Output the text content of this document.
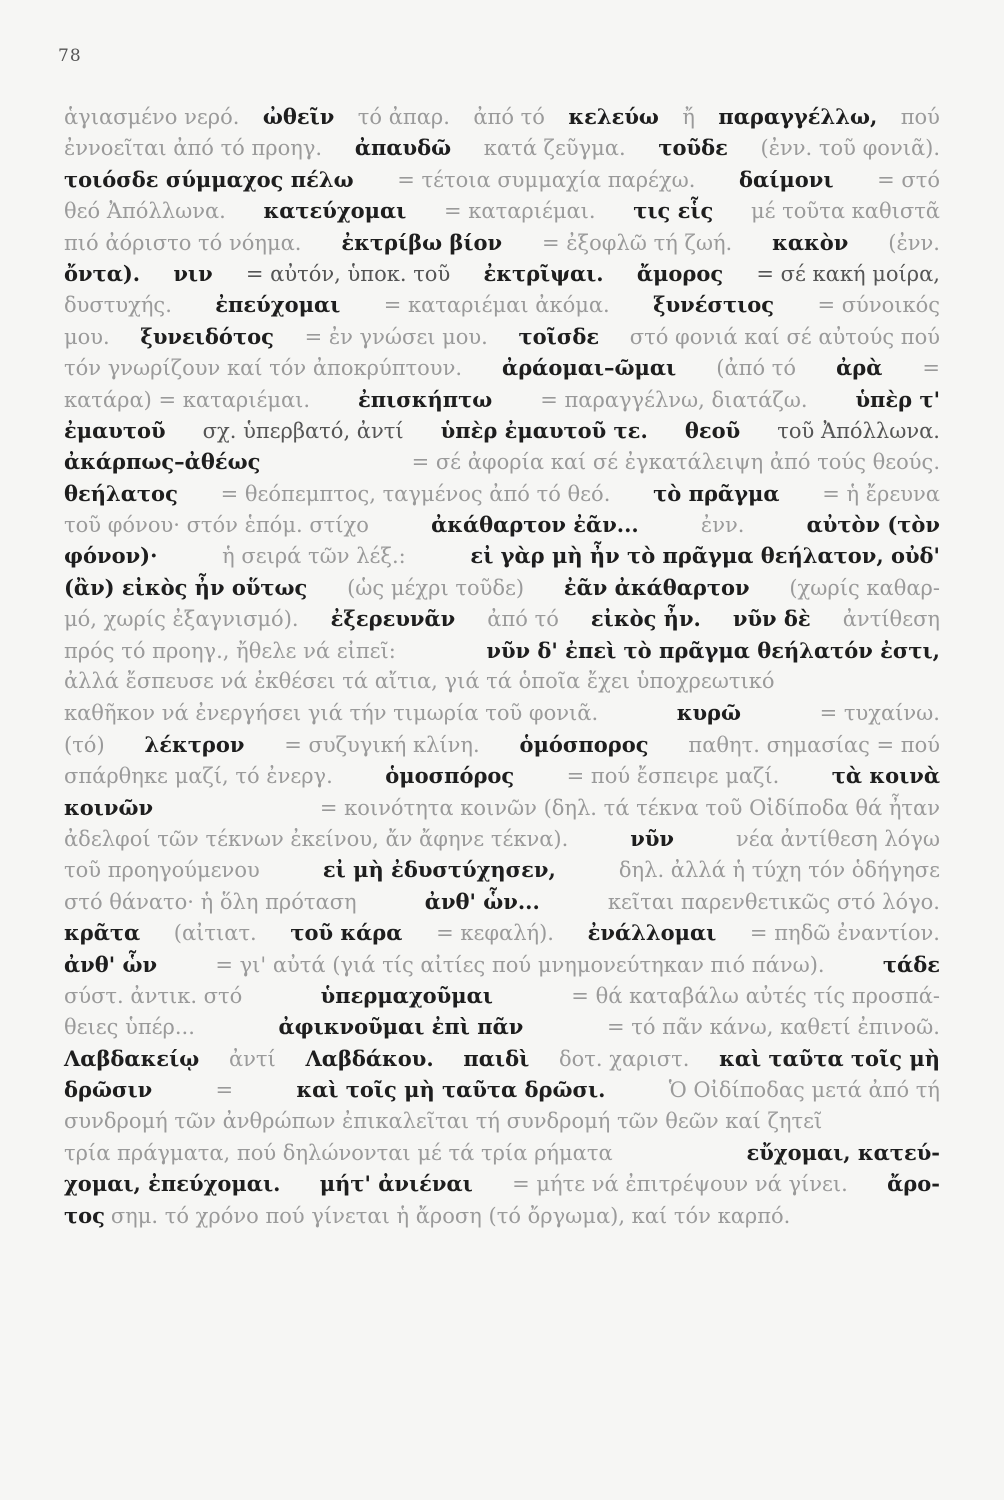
78
ἁγιασμένο νερό. ὠθεῖν τό ἀπαρ. ἀπό τό κελεύω ἤ παραγγέλλω, πού
ἐννοεῖται ἀπό τό προηγ. ἀπαυδῶ κατά ζεῦγμα. τοῦδε (ἐνν. τοῦ φονιᾶ).
τοιόσδε σύμμαχος πέλω = τέτοια συμμαχία παρέχω. δαίμονι = στό
θεό Ἀπόλλωνα. κατεύχομαι = καταριέμαι. τις εἷς μέ τοῦτα καθιστᾶ
πιό ἀόριστο τό νόημα. ἐκτρίβω βίον = ἐξοφλῶ τή ζωή. κακὸν (ἐνν.
ὄντα). νιν = αὐτόν, ὑποκ. τοῦ ἐκτρῖψαι. ἄμορος = σέ κακή μοίρα,
δυστυχής. ἐπεύχομαι = καταριέμαι ἀκόμα. ξυνέστιος = σύνοικός
μου. ξυνειδότος = ἐν γνώσει μου. τοῖσδε στό φονιά καί σέ αὐτούς πού
τόν γνωρίζουν καί τόν ἀποκρύπτουν. ἀράομαι–ῶμαι (ἀπό τό ἀρὰ =
κατάρα) = καταριέμαι. ἐπισκήπτω = παραγγέλνω, διατάζω. ὑπὲρ τ'
ἐμαυτοῦ σχ. ὑπερβατό, ἀντί ὑπὲρ ἐμαυτοῦ τε. θεοῦ τοῦ Ἀπόλλωνα.
ἀκάρπως–ἀθέως	= σέ ἀφορία καί σέ ἐγκατάλειψη ἀπό τούς θεούς.
θεήλατος = θεόπεμπτος, ταγμένος ἀπό τό θεό. τὸ πρᾶγμα = ἡ ἔρευνα
τοῦ φόνου· στόν ἑπόμ. στίχο	ἀκάθαρτον ἐᾶν...	ἐνν.	αὐτὸν (τὸν
φόνον)·	ἡ σειρά τῶν λέξ.:	εἰ γὰρ μὴ ἦν τὸ πρᾶγμα θεήλατον, οὐδ'
(ἂν) εἰκὸς ἦν οὕτως (ὡς μέχρι τοῦδε) ἐᾶν ἀκάθαρτον (χωρίς καθαρ-
μό, χωρίς ἐξαγνισμό). ἐξερευνᾶν ἀπό τό εἰκὸς ἦν. νῦν δὲ ἀντίθεση
πρός τό προηγ., ἤθελε νά εἰπεῖ:	νῦν δ' ἐπεὶ τὸ πρᾶγμα θεήλατόν ἐστι,
ἀλλά ἔσπευσε νά ἐκθέσει τά αἴτια, γιά τά ὁποῖα ἔχει ὑποχρεωτικό
καθῆκον νά ἐνεργήσει γιά τήν τιμωρία τοῦ φονιᾶ.	κυρῶ	= τυχαίνω.
(τό) λέκτρον = συζυγική κλίνη. ὁμόσπορος παθητ. σημασίας = πού
σπάρθηκε μαζί, τό ἐνεργ. ὁμοσπόρος = πού ἔσπειρε μαζί. τὰ κοινὰ
κοινῶν	= κοινότητα κοινῶν (δηλ. τά τέκνα τοῦ Οἰδίποδα θά ἦταν
ἀδελφοί τῶν τέκνων ἐκείνου, ἄν ἄφηνε τέκνα).	νῦν	νέα ἀντίθεση λόγω
τοῦ προηγούμενου	εἰ μὴ ἐδυστύχησεν,	δηλ. ἀλλά ἡ τύχη τόν ὁδήγησε
στό θάνατο· ἡ ὅλη πρόταση	ἀνθ' ὧν...	κεῖται παρενθετικῶς στό λόγο.
κρᾶτα (αἰτιατ. τοῦ κάρα = κεφαλή). ἐνάλλομαι = πηδῶ ἐναντίον.
ἀνθ' ὧν	= γι' αὐτά (γιά τίς αἰτίες πού μνημονεύτηκαν πιό πάνω).	τάδε
σύστ. ἀντικ. στό	ὑπερμαχοῦμαι	= θά καταβάλω αὐτές τίς προσπά-
θειες ὑπέρ...	ἀφικνοῦμαι ἐπὶ πᾶν	= τό πᾶν κάνω, καθετί ἐπινοῶ.
Λαβδακείῳ ἀντί Λαβδάκου. παιδὶ δοτ. χαριστ. καὶ ταῦτα τοῖς μὴ
δρῶσιν	=	καὶ τοῖς μὴ ταῦτα δρῶσι.	Ὁ Οἰδίποδας μετά ἀπό τή
συνδρομή τῶν ἀνθρώπων ἐπικαλεῖται τή συνδρομή τῶν θεῶν καί ζητεῖ
τρία πράγματα, πού δηλώνονται μέ τά τρία ρήματα	εὔχομαι, κατεύ-
χομαι, ἐπεύχομαι. μήτ' ἀνιέναι = μήτε νά ἐπιτρέψουν νά γίνει. ἄρο-
τος σημ. τό χρόνο πού γίνεται ἡ ἄροση (τό ὄργωμα), καί τόν καρπό.
